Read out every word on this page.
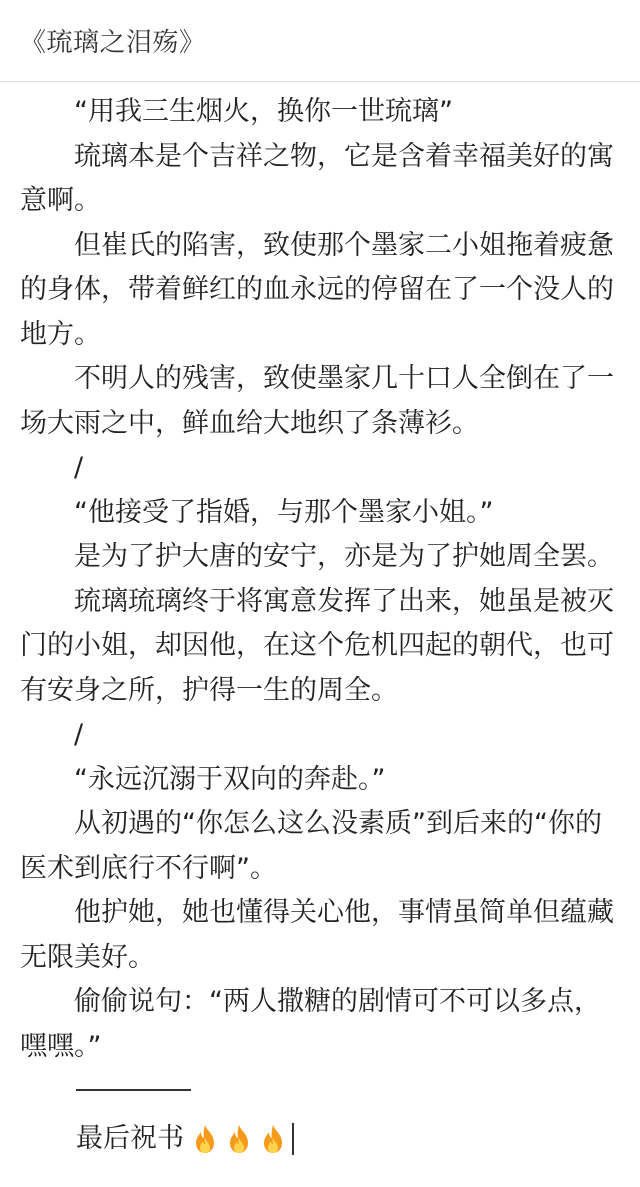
《琉璃之泪殇》

“用我三生烟火，换你一世琉璃”

琉璃本是个吉祥之物，它是含着幸福美好的寓意啊。

但崔氏的陷害，致使那个墨家二小姐拖着疲惫的身体，带着鲜红的血永远的停留在了一个没人的地方。

不明人的残害，致使墨家几十口人全倒在了一场大雨之中，鲜血给大地织了条薄衫。

/

“他接受了指婚，与那个墨家小姐。”

是为了护大唐的安宁，亦是为了护她周全罢。

琉璃琉璃终于将寓意发挥了出来，她虽是被灭门的小姐，却因他，在这个危机四起的朝代，也可有安身之所，护得一生的周全。

/

“永远沉溺于双向的奔赴。”

从初遇的“你怎么这么没素质”到后来的“你的医术到底行不行啊”。

他护她，她也懂得关心他，事情虽简单但蕴藏无限美好。

偷偷说句：“两人撒糖的剧情可不可以多点，嘿嘿。”

最后祝书
